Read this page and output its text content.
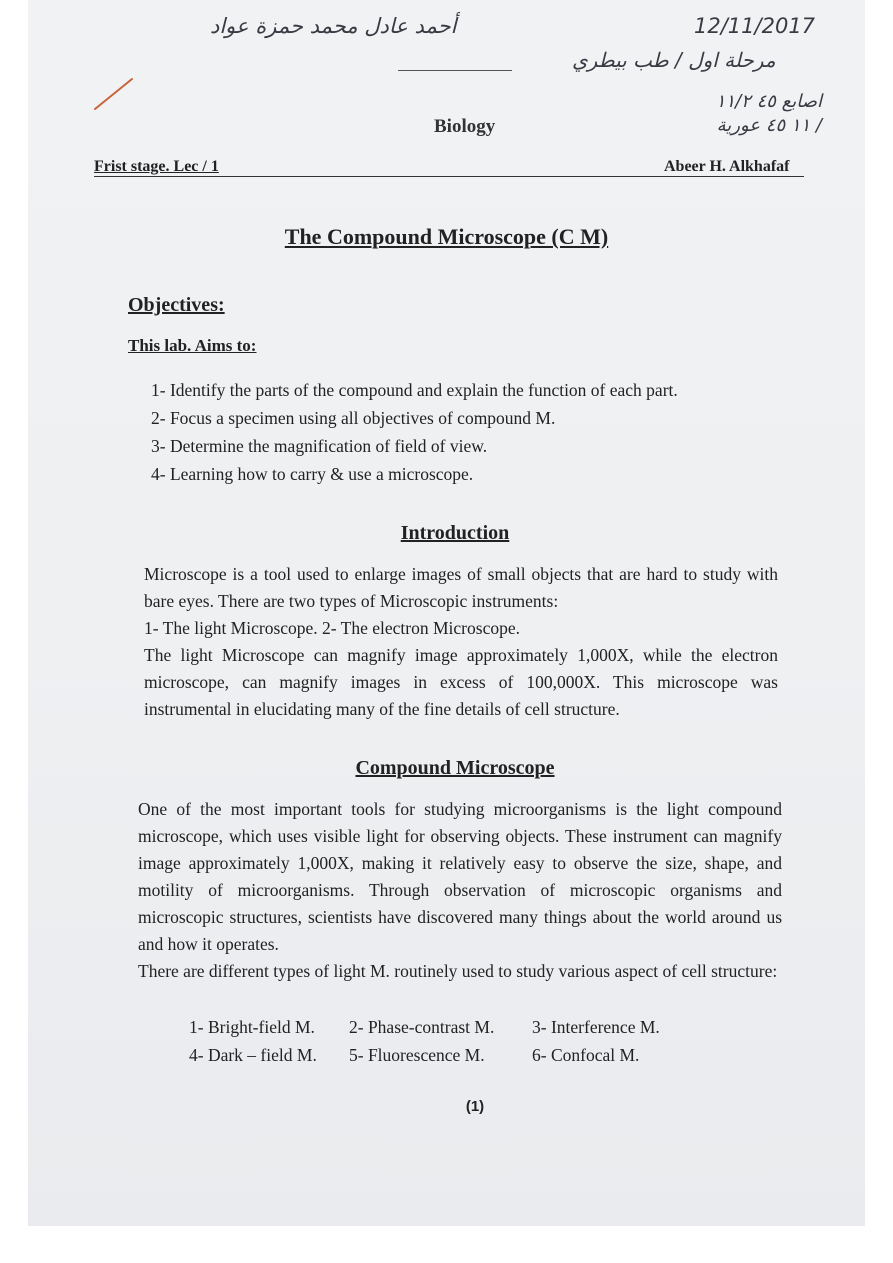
أحمد عادل محمد حمزة عواد	12/11/2017
مرحلة اول / طب بيطري
اصابع ٤٥ ١١/٢ / ١١ ٤٥ عورية
Biology
Frist stage. Lec / 1	Abeer H. Alkhafaf
The Compound Microscope (C M)
Objectives:
This lab. Aims to:
1- Identify the parts of the compound and explain the function of each part.
2- Focus a specimen using all objectives of compound M.
3- Determine the magnification of field of view.
4- Learning how to carry & use a microscope.
Introduction

Microscope is a tool used to enlarge images of small objects that are hard to study with bare eyes. There are two types of Microscopic instruments:

1- The light Microscope. 2- The electron Microscope.

The light Microscope can magnify image approximately 1,000X, while the electron microscope, can magnify images in excess of 100,000X. This microscope was instrumental in elucidating many of the fine details of cell structure.

Compound Microscope

One of the most important tools for studying microorganisms is the light compound microscope, which uses visible light for observing objects. These instrument can magnify image approximately 1,000X, making it relatively easy to observe the size, shape, and motility of microorganisms. Through observation of microscopic organisms and microscopic structures, scientists have discovered many things about the world around us and how it operates.

There are different types of light M. routinely used to study various aspect of cell structure:

1- Bright-field M. 2- Phase-contrast M. 3- Interference M.
4- Dark – field M. 5- Fluorescence M.	6- Confocal M.
(1)
